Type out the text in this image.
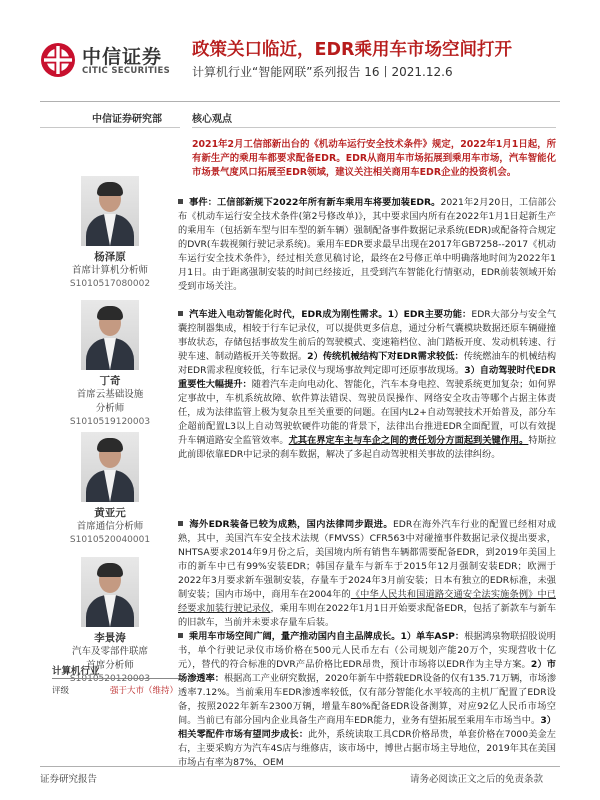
中信证券
CITIC SECURITIES
政策关口临近，EDR乘用车市场空间打开
计算机行业“智能网联”系列报告 16丨2021.12.6
中信证券研究部
杨泽原
首席计算机分析师
S1010517080002
丁奇
首席云基础设施
分析师
S1010519120003
黄亚元
首席通信分析师
S1010520040001
李景涛
汽车及零部件联席
首席分析师
S1010520120003
计算机行业
评级	强于大市（维持）
核心观点
2021年2月工信部新出台的《机动车运行安全技术条件》规定，2022年1月1日起，所有新生产的乘用车都要求配备EDR。EDR从商用车市场拓展到乘用车市场，汽车智能化市场景气度风口拓展至EDR领域，建议关注相关商用车EDR企业的投资机会。
事件：工信部新规下2022年所有新车乘用车将要加装EDR。2021年2月20日，工信部公布《机动车运行安全技术条件(第2号修改单)》，其中要求国内所有在2022年1月1日起新生产的乘用车（包括新车型与旧车型的新车辆）强制配备事件数据记录系统(EDR)或配备符合规定的DVR(车载视频行驶记录系统)。乘用车EDR要求最早出现在2017年GB7258--2017《机动车运行安全技术条件》，经过相关意见稿讨论，最终在2号修正单中明确落地时间为2022年1月1日。由于距离强制安装的时间已经接近，且受到汽车智能化行情驱动，EDR前装领域开始受到市场关注。
汽车进入电动智能化时代，EDR成为刚性需求。1）EDR主要功能：EDR大部分与安全气囊控制器集成，相较于行车记录仪，可以提供更多信息，通过分析气囊模块数据还原车辆碰撞事故状态，存储包括事故发生前后的驾驶模式、变速箱档位、油门踏板开度、发动机转速、行驶车速、制动踏板开关等数据。2）传统机械结构下对EDR需求较低：传统燃油车的机械结构对EDR需求程度较低，行车记录仪与现场事故判定即可还原事故现场。3）自动驾驶时代EDR重要性大幅提升：随着汽车走向电动化、智能化，汽车本身电控、驾驶系统更加复杂；如何界定事故中，车机系统故障、软件算法错误、驾驶员误操作、网络安全攻击等哪个占据主体责任，成为法律监管上极为复杂且至关重要的问题。在国内L2+自动驾驶技术开始普及，部分车企超前配置L3以上自动驾驶软硬件功能的背景下，法律出台推进EDR全面配置，可以有效提升车辆道路安全监管效率。尤其在界定车主与车企之间的责任划分方面起到关键作用。特斯拉此前即依靠EDR中记录的刹车数据，解决了多起自动驾驶相关事故的法律纠纷。
海外EDR装备已较为成熟，国内法律同步跟进。EDR在海外汽车行业的配置已经相对成熟，其中，美国汽车安全技术法规（FMVSS）CFR563中对碰撞事件数据记录仪提出要求，NHTSA要求2014年9月份之后，美国境内所有销售车辆都需要配备EDR，到2019年美国上市的新车中已有99%安装EDR；韩国存量车与新车于2015年12月强制安装EDR；欧洲于2022年3月要求新车强制安装，存量车于2024年3月前安装；日本有独立的EDR标准，未强制安装；国内市场中，商用车在2004年的《中华人民共和国道路交通安全法实施条例》中已经要求加装行驶记录仪，乘用车则在2022年1月1日开始要求配备EDR，包括了新款车与新车的旧款车，当前并未要求存量车后装。
乘用车市场空间广阔，量产推动国内自主品牌成长。1）单车ASP：根据鸿泉物联招股说明书，单个行驶记录仪市场价格在500元人民币左右（公司规划产能20万个，实现营收十亿元），替代的符合标准的DVR产品价格比EDR昂贵，预计市场将以EDR作为主导方案。2）市场渗透率：根据高工产业研究数据，2020年新车中搭载EDR设备的仅有135.71万辆，市场渗透率7.12%。当前乘用车EDR渗透率较低，仅有部分智能化水平较高的主机厂配置了EDR设备，按照2022年新车2300万辆，增量车80%配备EDR设备测算，对应92亿人民币市场空间。当前已有部分国内企业具备生产商用车EDR能力，业务有望拓展至乘用车市场当中。3）相关零配件市场有望同步成长：此外，系统读取工具CDR价格昂贵，单套价格在7000美金左右，主要采购方为汽车4S店与维修店，该市场中，博世占据市场主导地位，2019年其在美国市场占有率为87%，OEM
证券研究报告	请务必阅读正文之后的免责条款
